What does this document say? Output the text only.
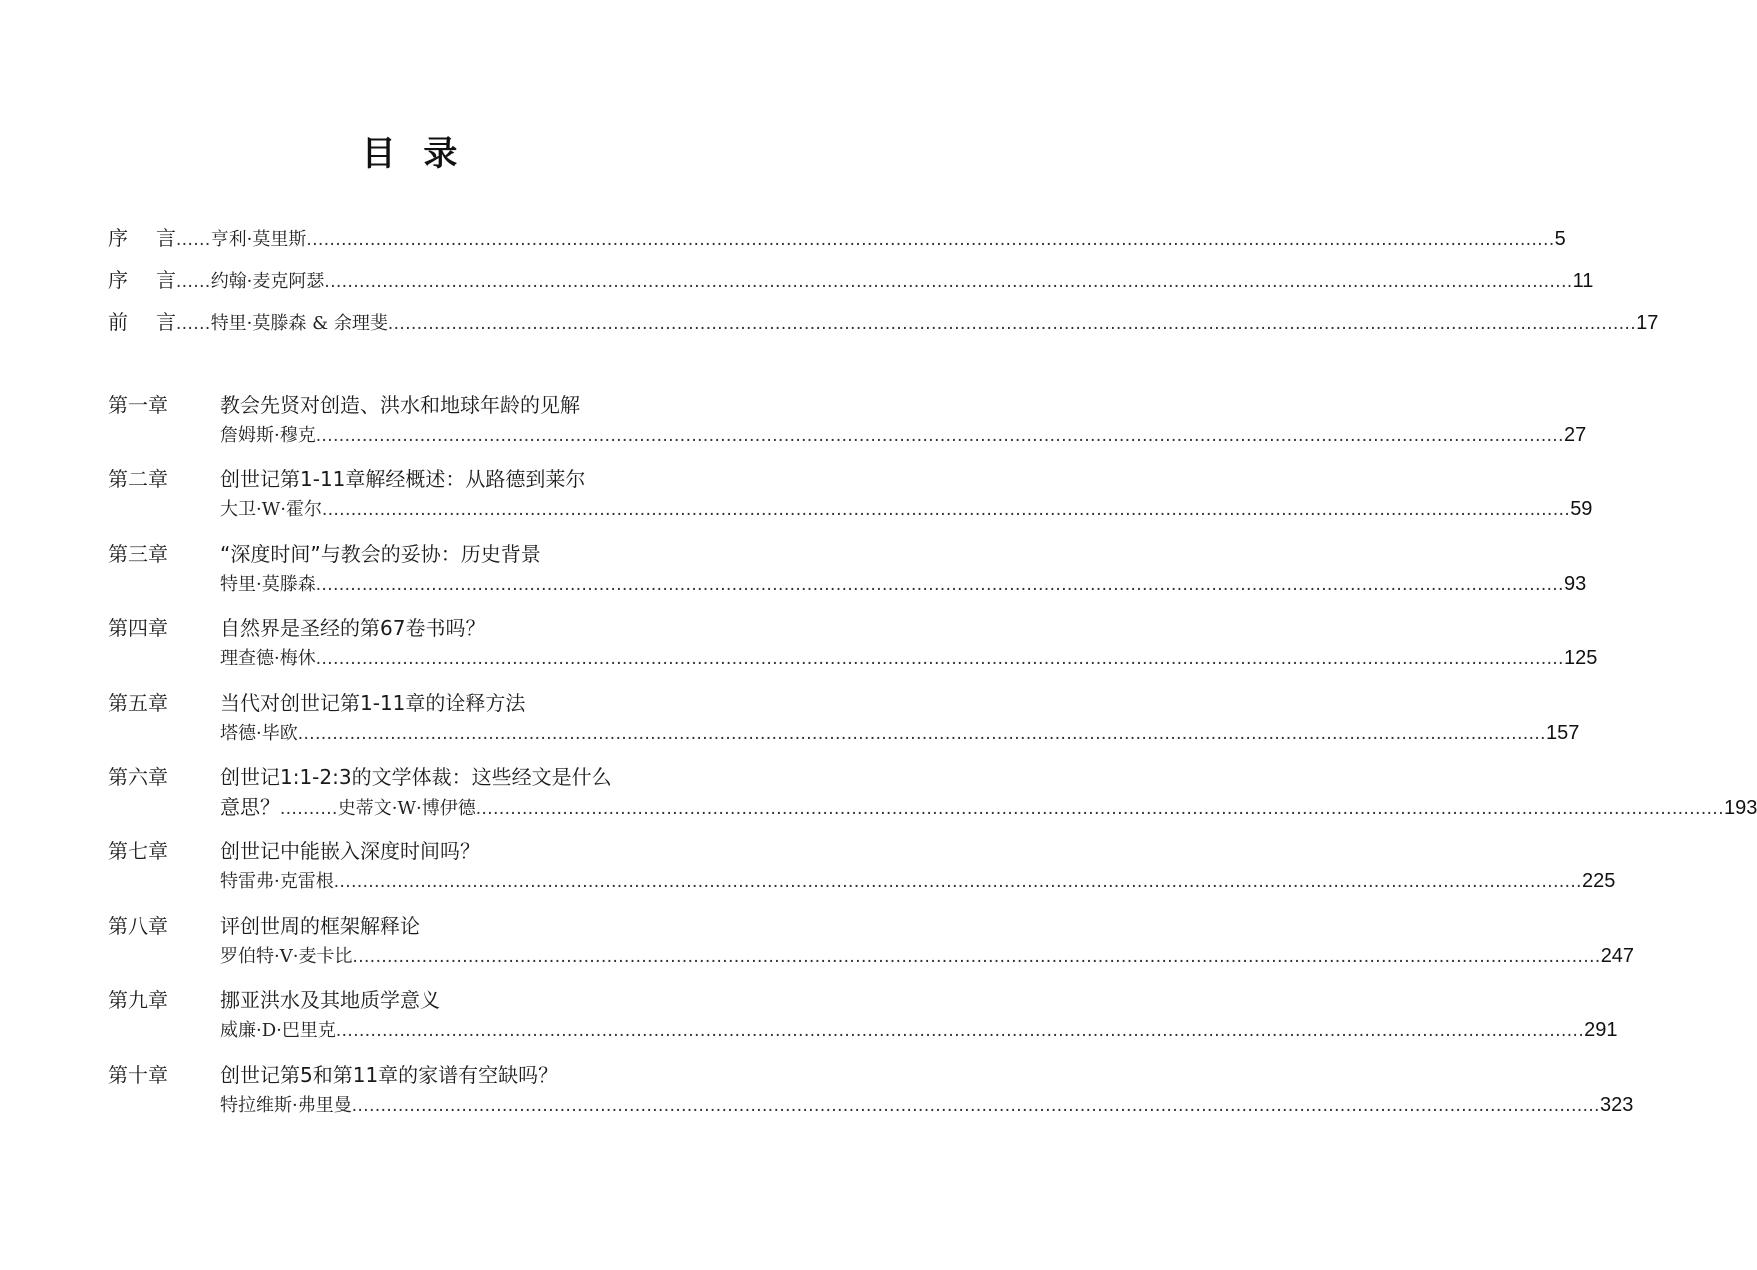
目 录
序 言 ...... 亨利·莫里斯 .....	5
序 言 ...... 约翰·麦克阿瑟 .....	11
前 言 ...... 特里·莫滕森 & 余理斐 .....	17
第一章	教会先贤对创造、洪水和地球年龄的见解
詹姆斯·穆克 .....	27
第二章	创世记第1-11章解经概述：从路德到莱尔
大卫·W·霍尔 .....	59
第三章	“深度时间”与教会的妥协：历史背景
特里·莫滕森 .....	93
第四章	自然界是圣经的第67卷书吗？
理查德·梅休 .....	125
第五章	当代对创世记第1-11章的诠释方法
塔德·毕欧 .....	157
第六章	创世记1:1-2:3的文学体裁：这些经文是什么
意思？ .......... 史蒂文·W·博伊德 .....	193
第七章	创世记中能嵌入深度时间吗？
特雷弗·克雷根 .....	225
第八章	评创世周的框架解释论
罗伯特·V·麦卡比 .....	247
第九章	挪亚洪水及其地质学意义
威廉·D·巴里克 .....	291
第十章	创世记第5和第11章的家谱有空缺吗？
特拉维斯·弗里曼 .....	323
